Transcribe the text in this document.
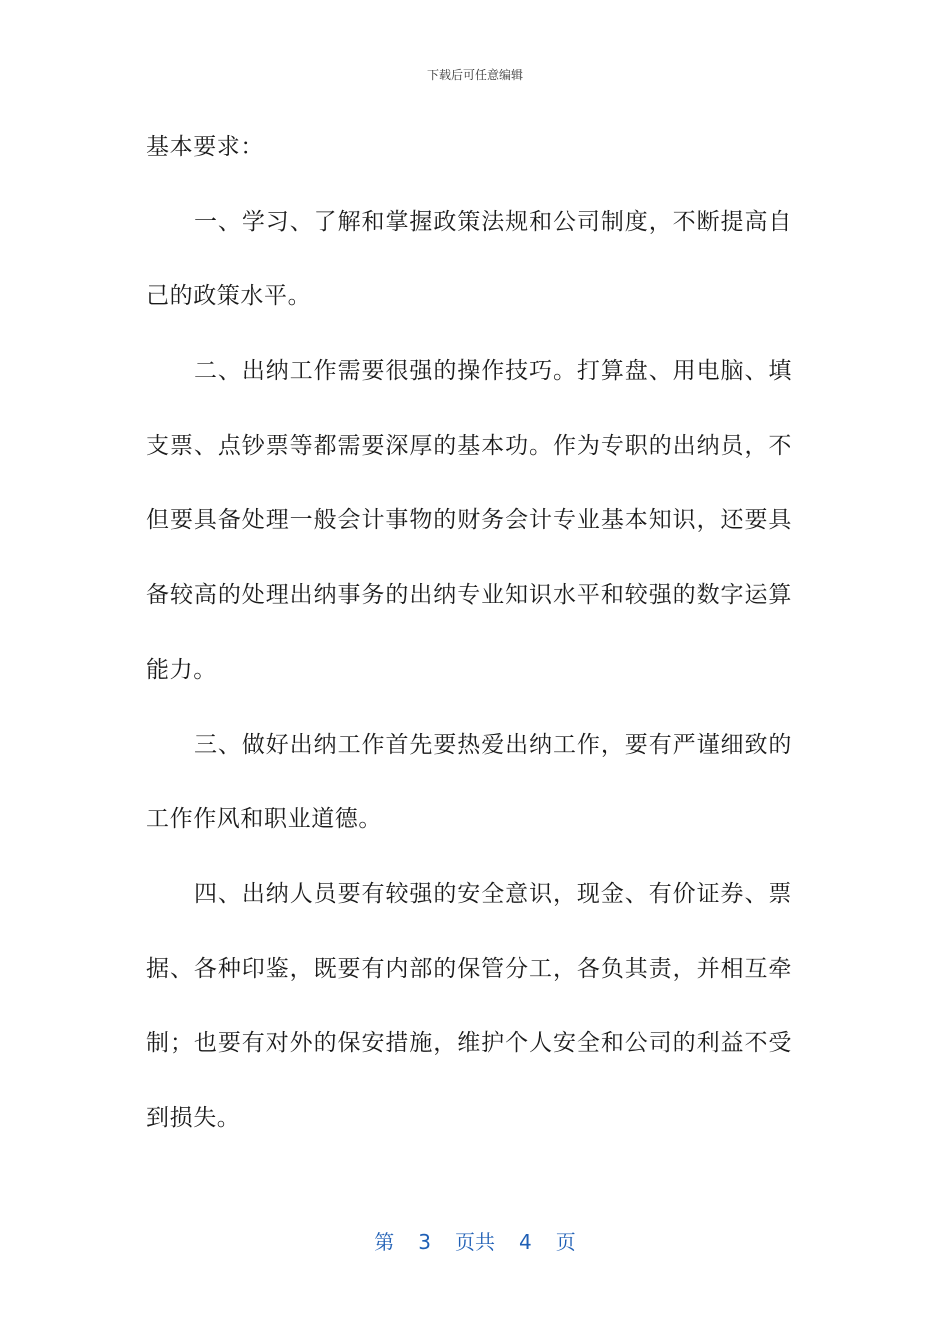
下载后可任意编辑
基本要求：
一、学习、了解和掌握政策法规和公司制度，不断提高自
己的政策水平。
二、出纳工作需要很强的操作技巧。打算盘、用电脑、填
支票、点钞票等都需要深厚的基本功。作为专职的出纳员，不
但要具备处理一般会计事物的财务会计专业基本知识，还要具
备较高的处理出纳事务的出纳专业知识水平和较强的数字运算
能力。
三、做好出纳工作首先要热爱出纳工作，要有严谨细致的
工作作风和职业道德。
四、出纳人员要有较强的安全意识，现金、有价证券、票
据、各种印鉴，既要有内部的保管分工，各负其责，并相互牵
制；也要有对外的保安措施，维护个人安全和公司的利益不受
到损失。
第 3 页共 4 页
